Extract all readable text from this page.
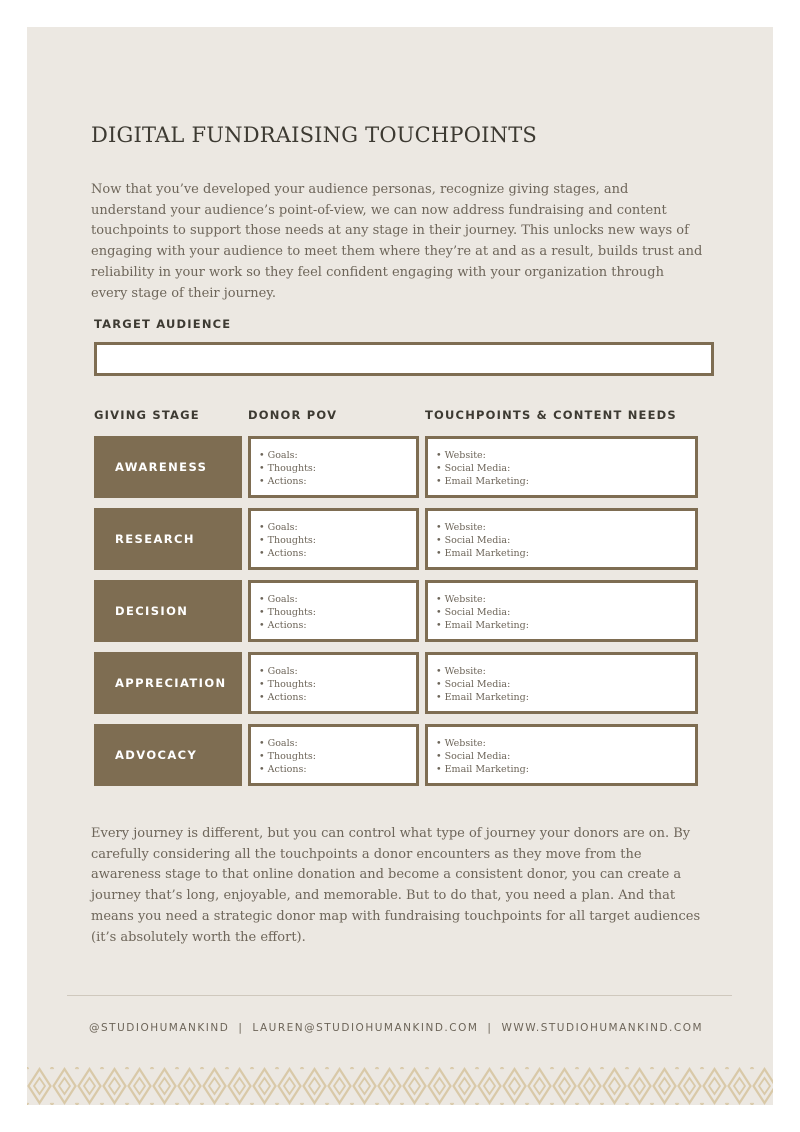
DIGITAL FUNDRAISING TOUCHPOINTS
Now that you’ve developed your audience personas, recognize giving stages, and understand your audience’s point-of-view, we can now address fundraising and content touchpoints to support those needs at any stage in their journey. This unlocks new ways of engaging with your audience to meet them where they’re at and as a result, builds trust and reliability in your work so they feel confident engaging with your organization through every stage of their journey.
TARGET AUDIENCE
GIVING STAGE	DONOR POV	TOUCHPOINTS & CONTENT NEEDS
AWARENESS
• Goals:
• Thoughts:
• Actions:
• Website:
• Social Media:
• Email Marketing:
RESEARCH
• Goals:
• Thoughts:
• Actions:
• Website:
• Social Media:
• Email Marketing:
DECISION
• Goals:
• Thoughts:
• Actions:
• Website:
• Social Media:
• Email Marketing:
APPRECIATION
• Goals:
• Thoughts:
• Actions:
• Website:
• Social Media:
• Email Marketing:
ADVOCACY
• Goals:
• Thoughts:
• Actions:
• Website:
• Social Media:
• Email Marketing:
Every journey is different, but you can control what type of journey your donors are on. By carefully considering all the touchpoints a donor encounters as they move from the awareness stage to that online donation and become a consistent donor, you can create a journey that’s long, enjoyable, and memorable. But to do that, you need a plan. And that means you need a strategic donor map with fundraising touchpoints for all target audiences (it’s absolutely worth the effort).
@STUDIOHUMANKIND | LAUREN@STUDIOHUMANKIND.COM | WWW.STUDIOHUMANKIND.COM
